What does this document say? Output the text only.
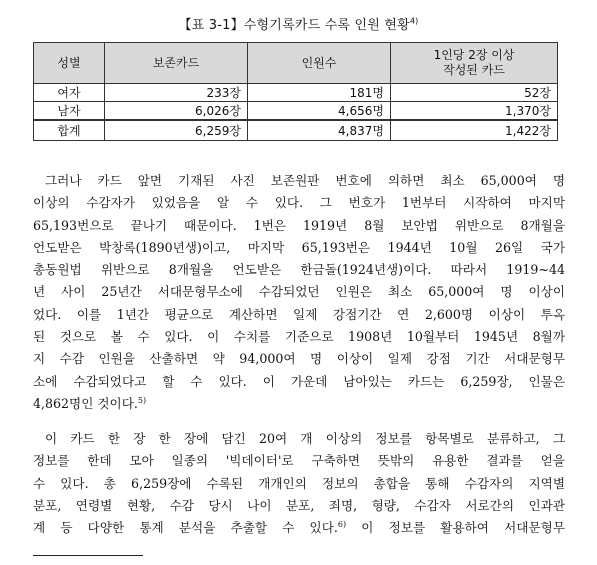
【표 3-1】수형기록카드 수록 인원 현황$^{4)}$
성별	보존카드	인원수	1인당 2장 이상
작성된 카드
여자	233장	181명	52장
남자	6,026장	4,656명	1,370장
합계	6,259장	4,837명	1,422장
그러나 카드 앞면 기재된 사진 보존원판 번호에 의하면 최소 65,000여 명
이상의 수감자가 있었음을 알 수 있다. 그 번호가 1번부터 시작하여 마지막
65,193번으로 끝나기 때문이다. 1번은 1919년 8월 보안법 위반으로 8개월을
언도받은 박창록(1890년생)이고, 마지막 65,193번은 1944년 10월 26일 국가
총동원법 위반으로 8개월을 언도받은 한금돌(1924년생)이다. 따라서 1919~44
년 사이 25년간 서대문형무소에 수감되었던 인원은 최소 65,000여 명 이상이
었다. 이를 1년간 평균으로 계산하면 일제 강점기간 연 2,600명 이상이 투옥
된 것으로 볼 수 있다. 이 수치를 기준으로 1908년 10월부터 1945년 8월까
지 수감 인원을 산출하면 약 94,000여 명 이상이 일제 강점 기간 서대문형무
소에 수감되었다고 할 수 있다. 이 가운데 남아있는 카드는 6,259장, 인물은
4,862명인 것이다.$^{5)}$
이 카드 한 장 한 장에 담긴 20여 개 이상의 정보를 항목별로 분류하고, 그
정보를 한데 모아 일종의 '빅데이터'로 구축하면 뜻밖의 유용한 결과를 얻을
수 있다. 총 6,259장에 수록된 개개인의 정보의 총합을 통해 수감자의 지역별
분포, 연령별 현황, 수감 당시 나이 분포, 죄명, 형량, 수감자 서로간의 인과관
계 등 다양한 통계 분석을 추출할 수 있다.$^{6)}$ 이 정보를 활용하여 서대문형무
